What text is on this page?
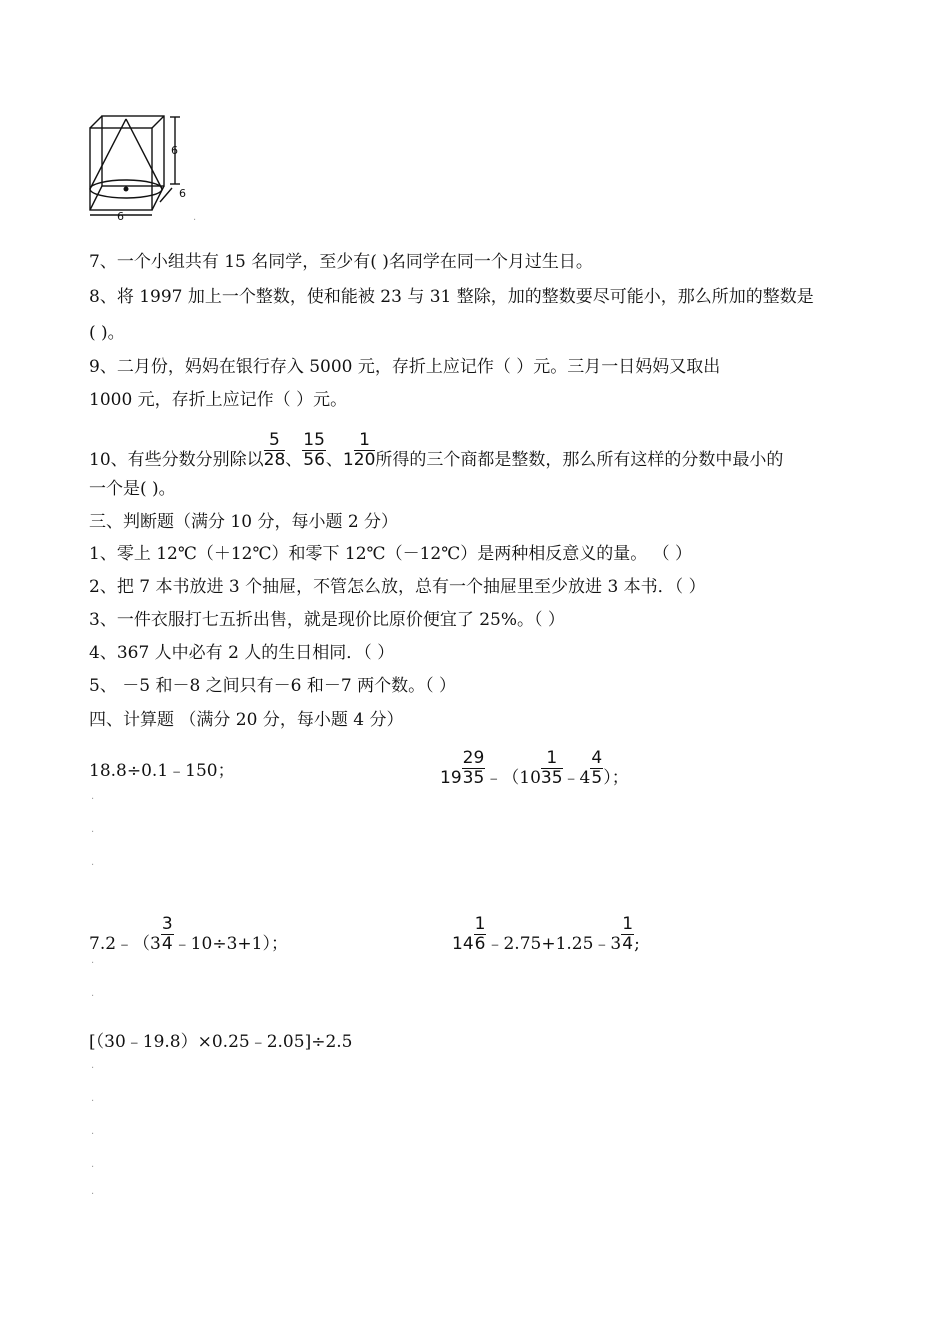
6
6
6
7、一个小组共有 15 名同学，至少有( )名同学在同一个月过生日。
8、将 1997 加上一个整数，使和能被 23 与 31 整除，加的整数要尽可能小，那么所加的整数是
( )。
9、二月份，妈妈在银行存入 5000 元，存折上应记作（ ）元。三月一日妈妈又取出
1000 元，存折上应记作（ ）元。
10、有些分数分别除以 $\frac{5}{28}$ 、 $\frac{15}{56}$ 、$1 \frac{1}{20}$ 所得的三个商都是整数，那么所有这样的分数中最小的
一个是( )。
三、判断题（满分 10 分，每小题 2 分）
1、零上 12℃（＋12℃）和零下 12℃（－12℃）是两种相反意义的量。 （ ）
2、把 7 本书放进 3 个抽屉，不管怎么放，总有一个抽屉里至少放进 3 本书．（ ）
3、一件衣服打七五折出售，就是现价比原价便宜了 25%。（ ）
4、367 人中必有 2 人的生日相同．（ ）
5、 －5 和－8 之间只有－6 和－7 两个数。（ ）
四、计算题 （满分 20 分，每小题 4 分）
18.8÷0.1﹣150；	$19 \frac{29}{35}$ ﹣（10 $\frac{1}{35}$ ﹣4 $\frac{4}{5}$ ）；
7.2﹣（3 $\frac{3}{4}$ ﹣10÷3+1）；	$14 \frac{1}{6}$ ﹣2.75+1.25﹣3 $\frac{1}{4}$ ;
[（30﹣19.8）×0.25﹣2.05]÷2.5
.
.
.
.
.
.
.
.
.
.
.
